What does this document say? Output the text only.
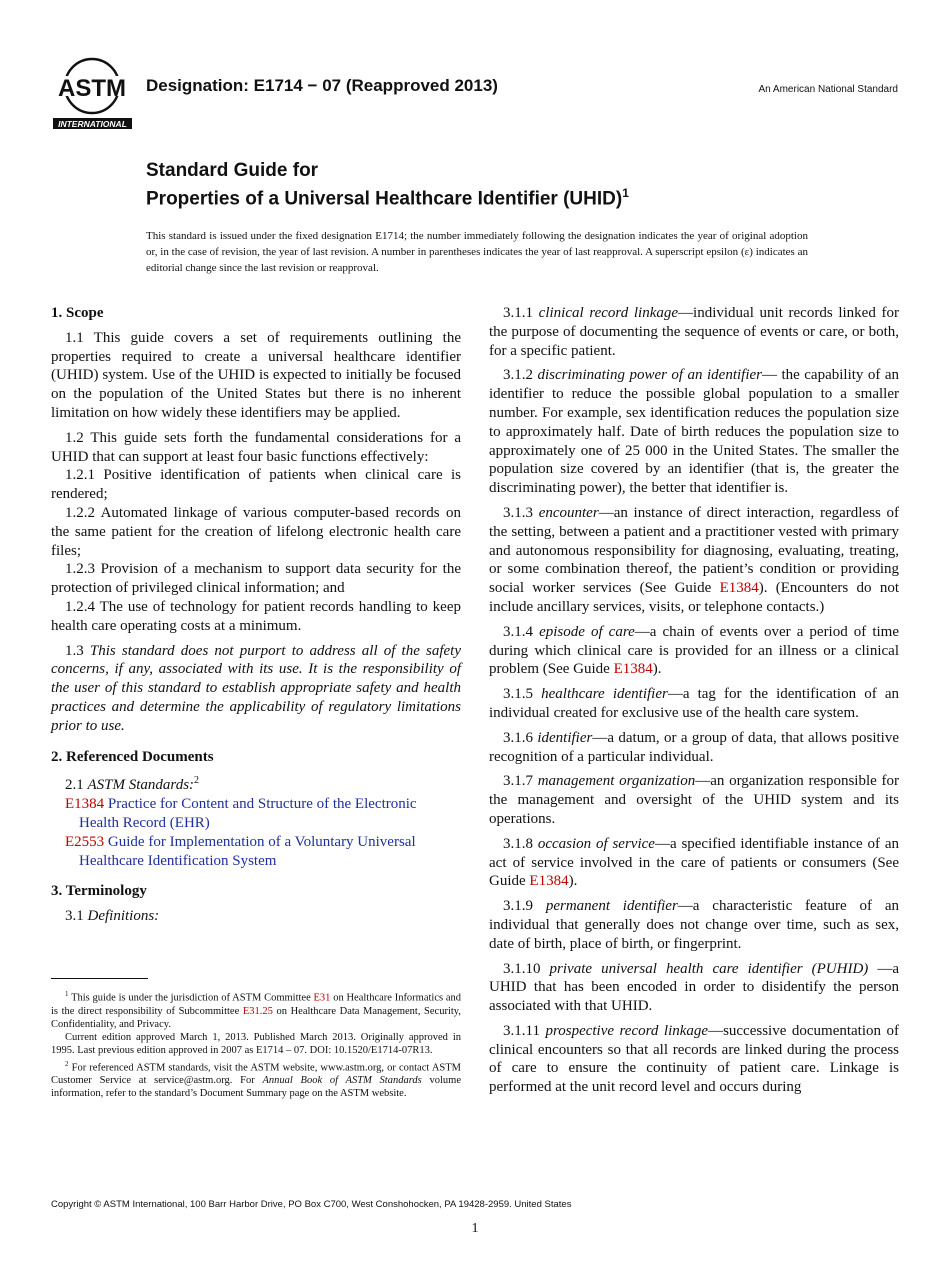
ASTM
INTERNATIONAL
Designation: E1714 − 07 (Reapproved 2013)	An American National Standard
Standard Guide for
Properties of a Universal Healthcare Identifier (UHID)$^1$
This standard is issued under the fixed designation E1714; the number immediately following the designation indicates the year of original adoption or, in the case of revision, the year of last revision. A number in parentheses indicates the year of last reapproval. A superscript epsilon (ε) indicates an editorial change since the last revision or reapproval.

1. Scope

1.1 This guide covers a set of requirements outlining the properties required to create a universal healthcare identifier (UHID) system. Use of the UHID is expected to initially be focused on the population of the United States but there is no inherent limitation on how widely these identifiers may be applied.

1.2 This guide sets forth the fundamental considerations for a UHID that can support at least four basic functions effectively:

1.2.1 Positive identification of patients when clinical care is rendered;

1.2.2 Automated linkage of various computer-based records on the same patient for the creation of lifelong electronic health care files;

1.2.3 Provision of a mechanism to support data security for the protection of privileged clinical information; and

1.2.4 The use of technology for patient records handling to keep health care operating costs at a minimum.

1.3 This standard does not purport to address all of the safety concerns, if any, associated with its use. It is the responsibility of the user of this standard to establish appropriate safety and health practices and determine the applicability of regulatory limitations prior to use.

2. Referenced Documents

2.1 ASTM Standards:$^2$

E1384 Practice for Content and Structure of the Electronic

Health Record (EHR)

E2553 Guide for Implementation of a Voluntary Universal

Healthcare Identification System

3. Terminology

3.1 Definitions:

$^1$ This guide is under the jurisdiction of ASTM Committee E31 on Healthcare Informatics and is the direct responsibility of Subcommittee E31.25 on Healthcare Data Management, Security, Confidentiality, and Privacy.

Current edition approved March 1, 2013. Published March 2013. Originally approved in 1995. Last previous edition approved in 2007 as E1714 – 07. DOI: 10.1520/E1714-07R13.

$^2$ For referenced ASTM standards, visit the ASTM website, www.astm.org, or contact ASTM Customer Service at service@astm.org. For Annual Book of ASTM Standards volume information, refer to the standard’s Document Summary page on the ASTM website.

3.1.1 clinical record linkage—individual unit records linked for the purpose of documenting the sequence of events or care, or both, for a specific patient.

3.1.2 discriminating power of an identifier— the capability of an identifier to reduce the possible global population to a smaller number. For example, sex identification reduces the population size to approximately half. Date of birth reduces the population size to approximately one of 25 000 in the United States. The smaller the population size covered by an identifier (that is, the greater the discriminating power), the better that identifier is.

3.1.3 encounter—an instance of direct interaction, regardless of the setting, between a patient and a practitioner vested with primary and autonomous responsibility for diagnosing, evaluating, treating, or some combination thereof, the patient’s condition or providing social worker services (See Guide E1384). (Encounters do not include ancillary services, visits, or telephone contacts.)

3.1.4 episode of care—a chain of events over a period of time during which clinical care is provided for an illness or a clinical problem (See Guide E1384).

3.1.5 healthcare identifier—a tag for the identification of an individual created for exclusive use of the health care system.

3.1.6 identifier—a datum, or a group of data, that allows positive recognition of a particular individual.

3.1.7 management organization—an organization responsible for the management and oversight of the UHID system and its operations.

3.1.8 occasion of service—a specified identifiable instance of an act of service involved in the care of patients or consumers (See Guide E1384).

3.1.9 permanent identifier—a characteristic feature of an individual that generally does not change over time, such as sex, date of birth, place of birth, or fingerprint.

3.1.10 private universal health care identifier (PUHID) —a UHID that has been encoded in order to disidentify the person associated with that UHID.

3.1.11 prospective record linkage—successive documentation of clinical encounters so that all records are linked during the process of care to ensure the continuity of patient care. Linkage is performed at the unit record level and occurs during

Copyright © ASTM International, 100 Barr Harbor Drive, PO Box C700, West Conshohocken, PA 19428-2959. United States
1
